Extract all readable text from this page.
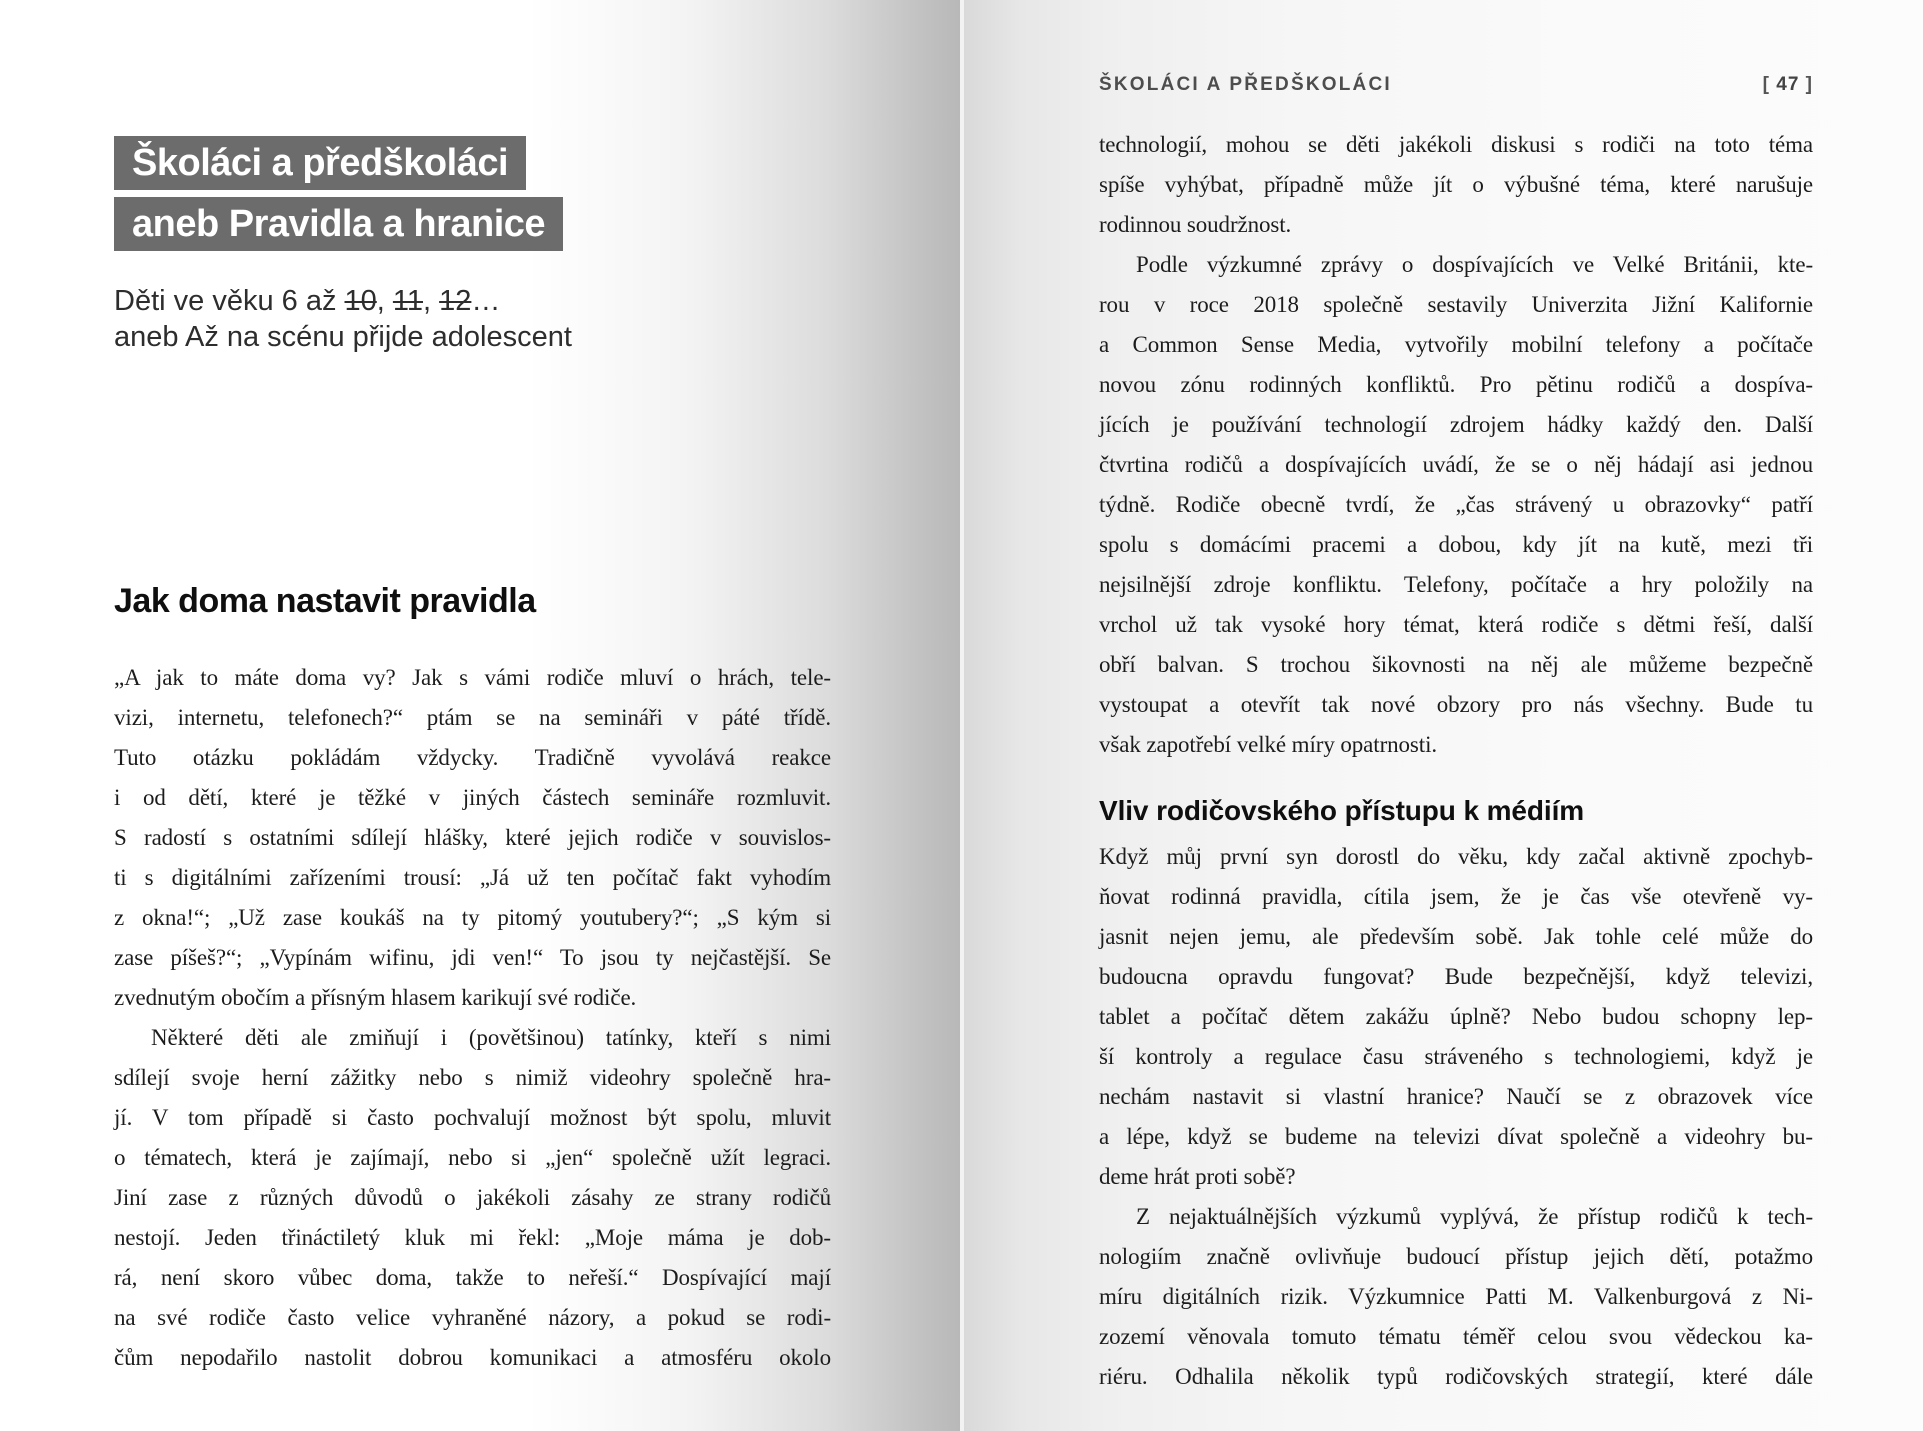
Školáci a předškoláci
aneb Pravidla a hranice
Děti ve věku 6 až 10, 11, 12…
aneb Až na scénu přijde adolescent
Jak doma nastavit pravidla
„A jak to máte doma vy? Jak s vámi rodiče mluví o hrách, tele-
vizi, internetu, telefonech?“ ptám se na semináři v páté třídě.
Tuto otázku pokládám vždycky. Tradičně vyvolává reakce
i od dětí, které je těžké v jiných částech semináře rozmluvit.
S radostí s ostatními sdílejí hlášky, které jejich rodiče v souvislos-
ti s digitálními zařízeními trousí: „Já už ten počítač fakt vyhodím
z okna!“; „Už zase koukáš na ty pitomý youtubery?“; „S kým si
zase píšeš?“; „Vypínám wifinu, jdi ven!“ To jsou ty nejčastější. Se
zvednutým obočím a přísným hlasem karikují své rodiče.
Některé děti ale zmiňují i (povětšinou) tatínky, kteří s nimi
sdílejí svoje herní zážitky nebo s nimiž videohry společně hra-
jí. V tom případě si často pochvalují možnost být spolu, mluvit
o tématech, která je zajímají, nebo si „jen“ společně užít legraci.
Jiní zase z různých důvodů o jakékoli zásahy ze strany rodičů
nestojí. Jeden třináctiletý kluk mi řekl: „Moje máma je dob-
rá, není skoro vůbec doma, takže to neřeší.“ Dospívající mají
na své rodiče často velice vyhraněné názory, a pokud se rodi-
čům nepodařilo nastolit dobrou komunikaci a atmosféru okolo
ŠKOLÁCI A PŘEDŠKOLÁCI	[ 47 ]
technologií, mohou se děti jakékoli diskusi s rodiči na toto téma
spíše vyhýbat, případně může jít o výbušné téma, které narušuje
rodinnou soudržnost.
Podle výzkumné zprávy o dospívajících ve Velké Británii, kte-
rou v roce 2018 společně sestavily Univerzita Jižní Kalifornie
a Common Sense Media, vytvořily mobilní telefony a počítače
novou zónu rodinných konfliktů. Pro pětinu rodičů a dospíva-
jících je používání technologií zdrojem hádky každý den. Další
čtvrtina rodičů a dospívajících uvádí, že se o něj hádají asi jednou
týdně. Rodiče obecně tvrdí, že „čas strávený u obrazovky“ patří
spolu s domácími pracemi a dobou, kdy jít na kutě, mezi tři
nejsilnější zdroje konfliktu. Telefony, počítače a hry položily na
vrchol už tak vysoké hory témat, která rodiče s dětmi řeší, další
obří balvan. S trochou šikovnosti na něj ale můžeme bezpečně
vystoupat a otevřít tak nové obzory pro nás všechny. Bude tu
však zapotřebí velké míry opatrnosti.
Vliv rodičovského přístupu k médiím
Když můj první syn dorostl do věku, kdy začal aktivně zpochyb-
ňovat rodinná pravidla, cítila jsem, že je čas vše otevřeně vy-
jasnit nejen jemu, ale především sobě. Jak tohle celé může do
budoucna opravdu fungovat? Bude bezpečnější, když televizi,
tablet a počítač dětem zakážu úplně? Nebo budou schopny lep-
ší kontroly a regulace času stráveného s technologiemi, když je
nechám nastavit si vlastní hranice? Naučí se z obrazovek více
a lépe, když se budeme na televizi dívat společně a videohry bu-
deme hrát proti sobě?
Z nejaktuálnějších výzkumů vyplývá, že přístup rodičů k tech-
nologiím značně ovlivňuje budoucí přístup jejich dětí, potažmo
míru digitálních rizik. Výzkumnice Patti M. Valkenburgová z Ni-
zozemí věnovala tomuto tématu téměř celou svou vědeckou ka-
riéru. Odhalila několik typů rodičovských strategií, které dále
